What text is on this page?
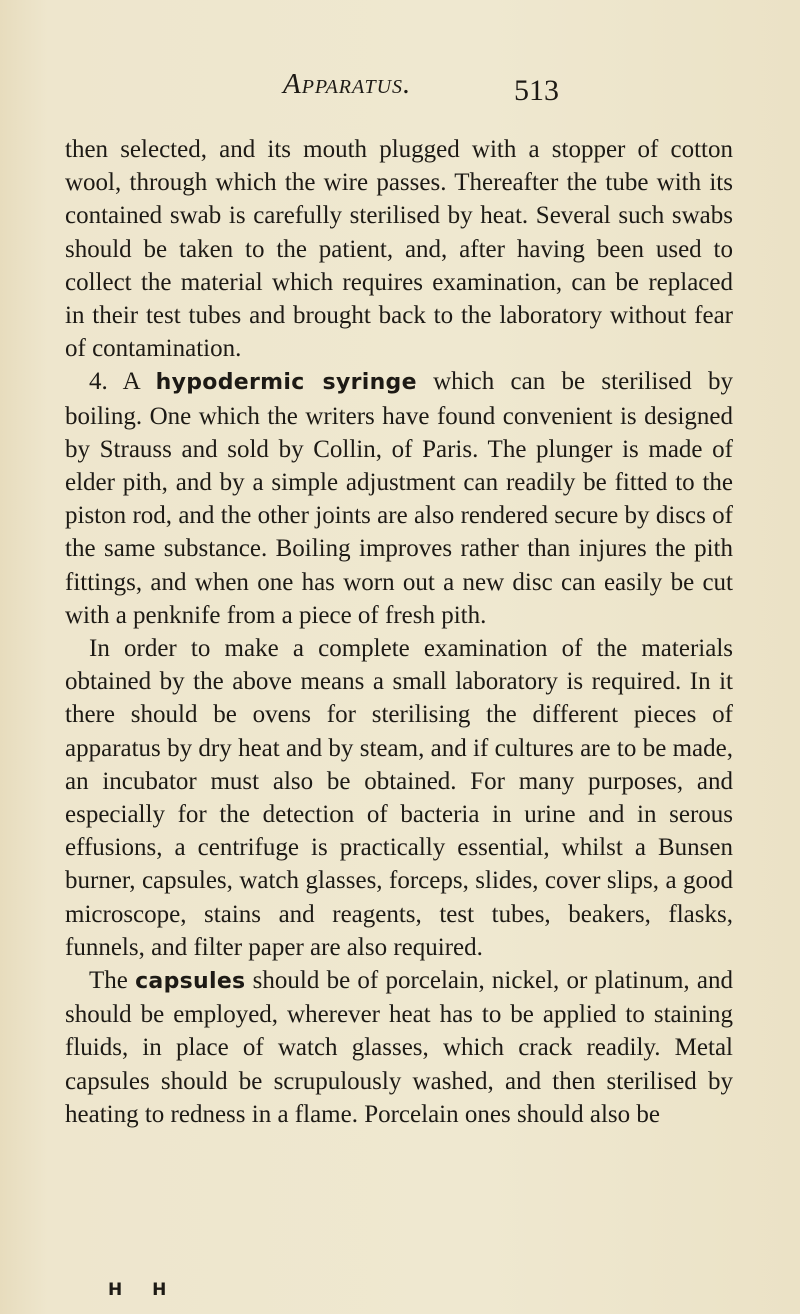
Apparatus.	513

then selected, and its mouth plugged with a stopper of cotton wool, through which the wire passes. Thereafter the tube with its contained swab is carefully sterilised by heat. Several such swabs should be taken to the patient, and, after having been used to collect the material which requires examination, can be replaced in their test tubes and brought back to the laboratory without fear of contamination.

4. A hypodermic syringe which can be sterilised by boiling. One which the writers have found convenient is designed by Strauss and sold by Collin, of Paris. The plunger is made of elder pith, and by a simple adjustment can readily be fitted to the piston rod, and the other joints are also rendered secure by discs of the same substance. Boiling improves rather than injures the pith fittings, and when one has worn out a new disc can easily be cut with a penknife from a piece of fresh pith.

In order to make a complete examination of the materials obtained by the above means a small laboratory is required. In it there should be ovens for sterilising the different pieces of apparatus by dry heat and by steam, and if cultures are to be made, an incubator must also be obtained. For many purposes, and especially for the detection of bacteria in urine and in serous effusions, a centrifuge is practically essential, whilst a Bunsen burner, capsules, watch glasses, forceps, slides, cover slips, a good microscope, stains and reagents, test tubes, beakers, flasks, funnels, and filter paper are also required.

The capsules should be of porcelain, nickel, or platinum, and should be employed, wherever heat has to be applied to staining fluids, in place of watch glasses, which crack readily. Metal capsules should be scrupulously washed, and then sterilised by heating to redness in a flame. Porcelain ones should also be

H H
